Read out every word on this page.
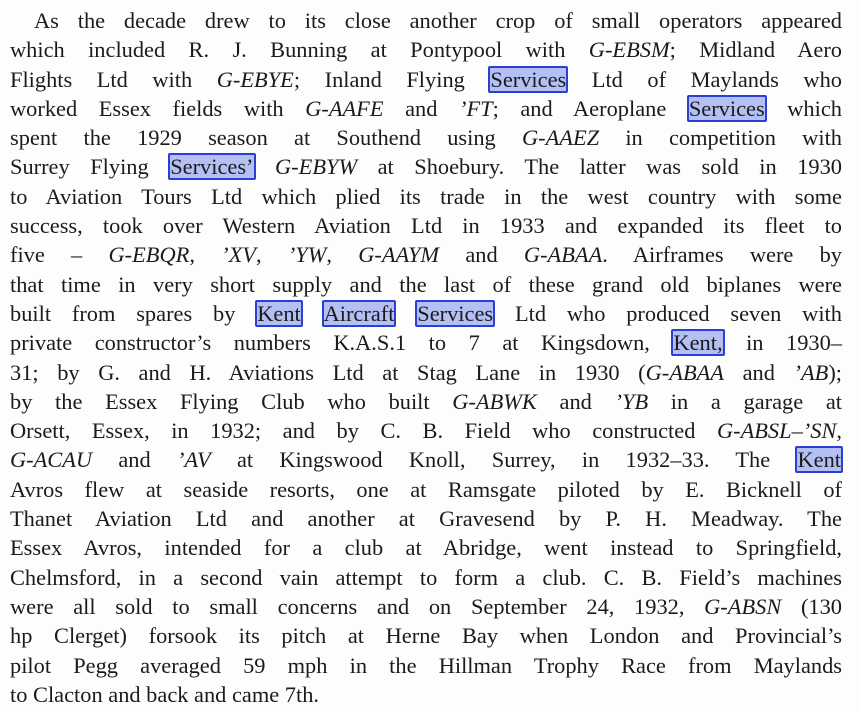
As the decade drew to its close another crop of small operators appeared
which included R. J. Bunning at Pontypool with G-EBSM; Midland Aero
Flights Ltd with G-EBYE; Inland Flying Services Ltd of Maylands who
worked Essex fields with G-AAFE and ’FT; and Aeroplane Services which
spent the 1929 season at Southend using G-AAEZ in competition with
Surrey Flying Services’ G-EBYW at Shoebury. The latter was sold in 1930
to Aviation Tours Ltd which plied its trade in the west country with some
success, took over Western Aviation Ltd in 1933 and expanded its fleet to
five – G-EBQR, ’XV, ’YW, G-AAYM and G-ABAA. Airframes were by
that time in very short supply and the last of these grand old biplanes were
built from spares by Kent Aircraft Services Ltd who produced seven with
private constructor’s numbers K.A.S.1 to 7 at Kingsdown, Kent, in 1930–
31; by G. and H. Aviations Ltd at Stag Lane in 1930 (G-ABAA and ’AB);
by the Essex Flying Club who built G-ABWK and ’YB in a garage at
Orsett, Essex, in 1932; and by C. B. Field who constructed G-ABSL–’SN,
G-ACAU and ’AV at Kingswood Knoll, Surrey, in 1932–33. The Kent
Avros flew at seaside resorts, one at Ramsgate piloted by E. Bicknell of
Thanet Aviation Ltd and another at Gravesend by P. H. Meadway. The
Essex Avros, intended for a club at Abridge, went instead to Springfield,
Chelmsford, in a second vain attempt to form a club. C. B. Field’s machines
were all sold to small concerns and on September 24, 1932, G-ABSN (130
hp Clerget) forsook its pitch at Herne Bay when London and Provincial’s
pilot Pegg averaged 59 mph in the Hillman Trophy Race from Maylands
to Clacton and back and came 7th.
